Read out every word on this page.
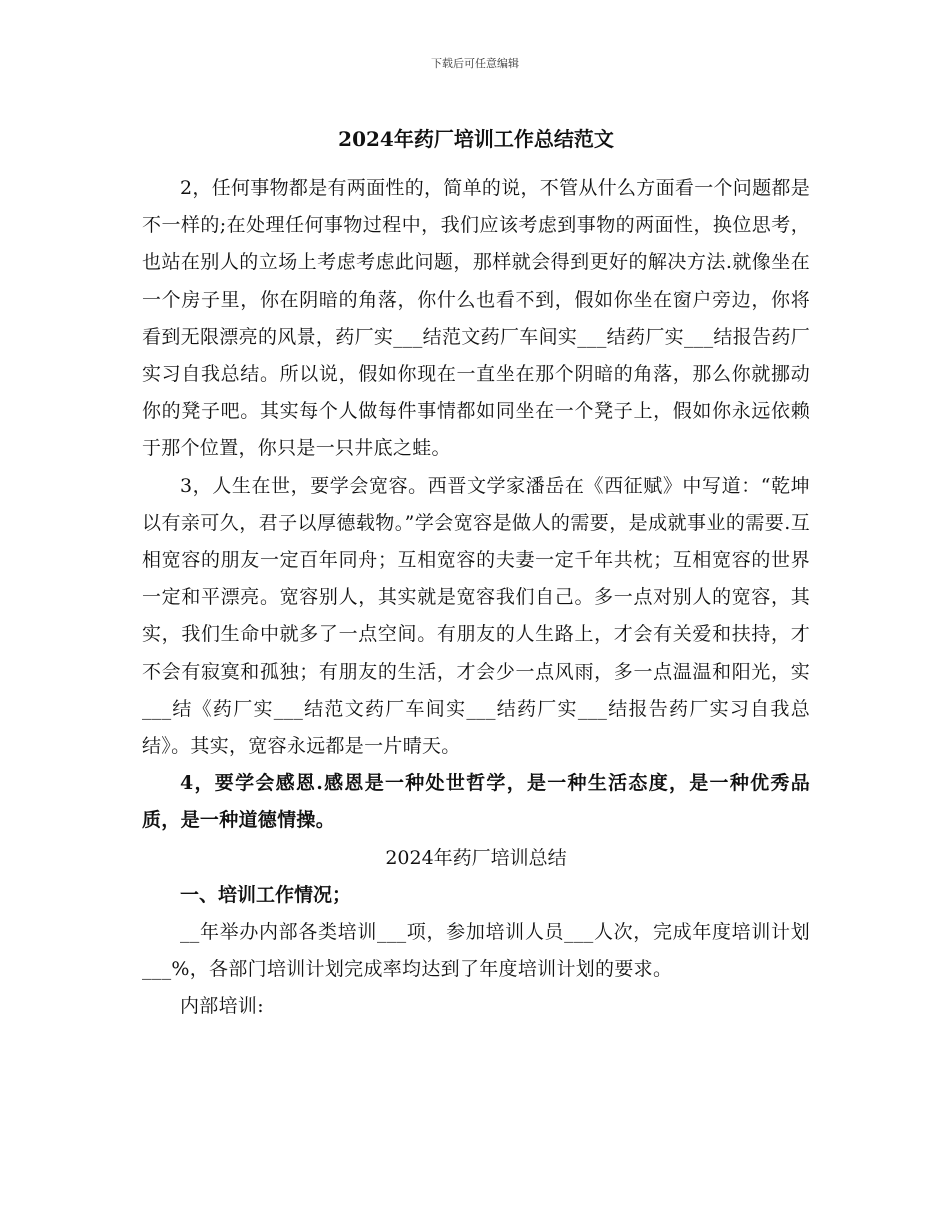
下载后可任意编辑
2024年药厂培训工作总结范文

2，任何事物都是有两面性的，简单的说，不管从什么方面看一个问题都是不一样的;在处理任何事物过程中，我们应该考虑到事物的两面性，换位思考，也站在别人的立场上考虑考虑此问题，那样就会得到更好的解决方法.就像坐在一个房子里，你在阴暗的角落，你什么也看不到，假如你坐在窗户旁边，你将看到无限漂亮的风景，药厂实___结范文药厂车间实___结药厂实___结报告药厂实习自我总结。所以说，假如你现在一直坐在那个阴暗的角落，那么你就挪动你的凳子吧。其实每个人做每件事情都如同坐在一个凳子上，假如你永远依赖于那个位置，你只是一只井底之蛙。

3，人生在世，要学会宽容。西晋文学家潘岳在《西征赋》中写道：“乾坤以有亲可久，君子以厚德载物。”学会宽容是做人的需要，是成就事业的需要.互相宽容的朋友一定百年同舟；互相宽容的夫妻一定千年共枕；互相宽容的世界一定和平漂亮。宽容别人，其实就是宽容我们自己。多一点对别人的宽容，其实，我们生命中就多了一点空间。有朋友的人生路上，才会有关爱和扶持，才不会有寂寞和孤独；有朋友的生活，才会少一点风雨，多一点温温和阳光，实___结《药厂实___结范文药厂车间实___结药厂实___结报告药厂实习自我总结》。其实，宽容永远都是一片晴天。

4，要学会感恩.感恩是一种处世哲学，是一种生活态度，是一种优秀品质，是一种道德情操。

2024年药厂培训总结

一、培训工作情况；

__年举办内部各类培训___项，参加培训人员___人次，完成年度培训计划___%，各部门培训计划完成率均达到了年度培训计划的要求。

内部培训:
